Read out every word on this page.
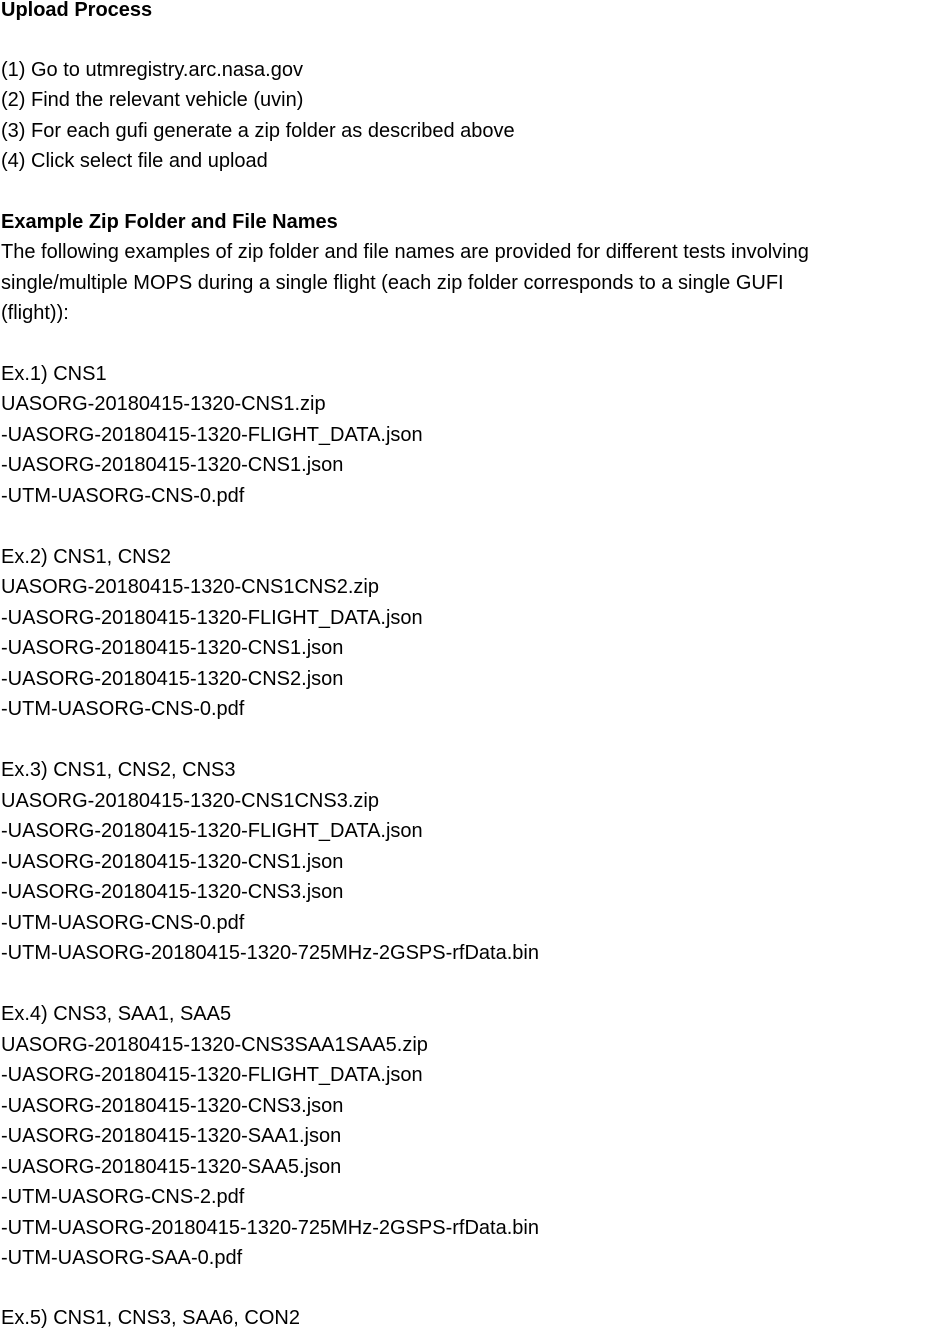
Upload Process
(1) Go to utmregistry.arc.nasa.gov
(2) Find the relevant vehicle (uvin)
(3) For each gufi generate a zip folder as described above
(4) Click select file and upload
Example Zip Folder and File Names
The following examples of zip folder and file names are provided for different tests involving
single/multiple MOPS during a single flight (each zip folder corresponds to a single GUFI
(flight)):
Ex.1) CNS1
UASORG-20180415-1320-CNS1.zip
-UASORG-20180415-1320-FLIGHT_DATA.json
-UASORG-20180415-1320-CNS1.json
-UTM-UASORG-CNS-0.pdf
Ex.2) CNS1, CNS2
UASORG-20180415-1320-CNS1CNS2.zip
-UASORG-20180415-1320-FLIGHT_DATA.json
-UASORG-20180415-1320-CNS1.json
-UASORG-20180415-1320-CNS2.json
-UTM-UASORG-CNS-0.pdf
Ex.3) CNS1, CNS2, CNS3
UASORG-20180415-1320-CNS1CNS3.zip
-UASORG-20180415-1320-FLIGHT_DATA.json
-UASORG-20180415-1320-CNS1.json
-UASORG-20180415-1320-CNS3.json
-UTM-UASORG-CNS-0.pdf
-UTM-UASORG-20180415-1320-725MHz-2GSPS-rfData.bin
Ex.4) CNS3, SAA1, SAA5
UASORG-20180415-1320-CNS3SAA1SAA5.zip
-UASORG-20180415-1320-FLIGHT_DATA.json
-UASORG-20180415-1320-CNS3.json
-UASORG-20180415-1320-SAA1.json
-UASORG-20180415-1320-SAA5.json
-UTM-UASORG-CNS-2.pdf
-UTM-UASORG-20180415-1320-725MHz-2GSPS-rfData.bin
-UTM-UASORG-SAA-0.pdf
Ex.5) CNS1, CNS3, SAA6, CON2
